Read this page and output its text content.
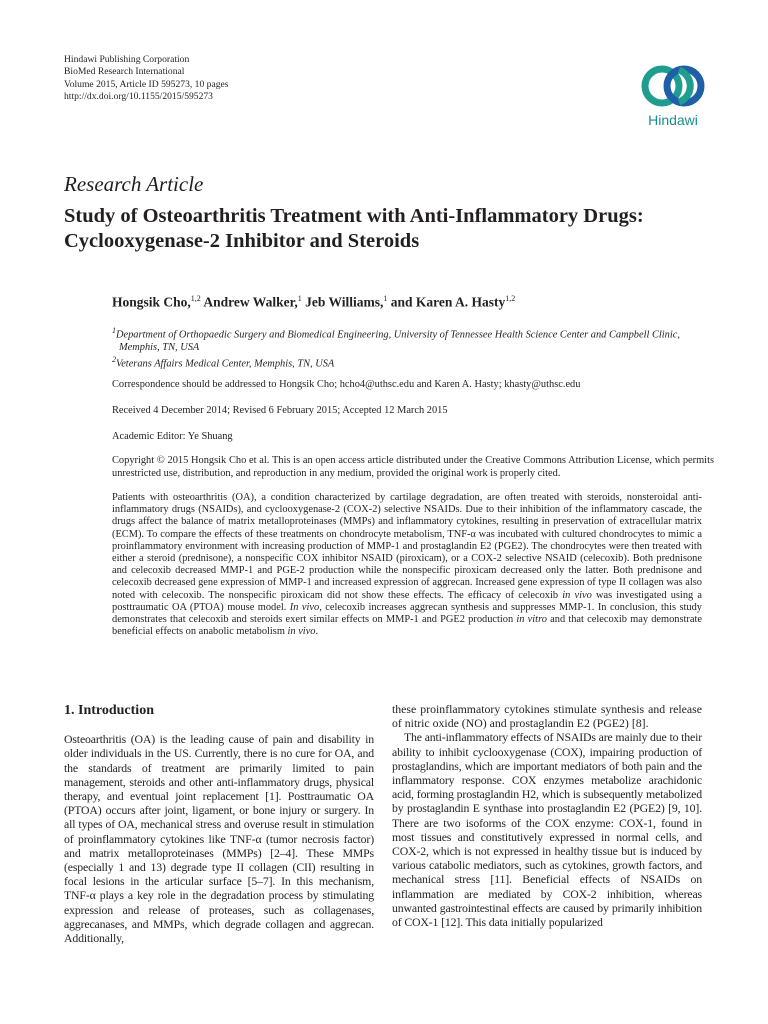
Hindawi Publishing Corporation
BioMed Research International
Volume 2015, Article ID 595273, 10 pages
http://dx.doi.org/10.1155/2015/595273
Hindawi
Research Article
Study of Osteoarthritis Treatment with Anti-Inflammatory Drugs: Cyclooxygenase-2 Inhibitor and Steroids
Hongsik Cho,$^{1,2}$ Andrew Walker,$^1$ Jeb Williams,$^1$ and Karen A. Hasty$^{1,2}$
$^1$Department of Orthopaedic Surgery and Biomedical Engineering, University of Tennessee Health Science Center and Campbell Clinic,
Memphis, TN, USA
$^2$Veterans Affairs Medical Center, Memphis, TN, USA
Correspondence should be addressed to Hongsik Cho; hcho4@uthsc.edu and Karen A. Hasty; khasty@uthsc.edu
Received 4 December 2014; Revised 6 February 2015; Accepted 12 March 2015
Academic Editor: Ye Shuang
Copyright © 2015 Hongsik Cho et al. This is an open access article distributed under the Creative Commons Attribution License, which permits unrestricted use, distribution, and reproduction in any medium, provided the original work is properly cited.
Patients with osteoarthritis (OA), a condition characterized by cartilage degradation, are often treated with steroids, nonsteroidal anti-inflammatory drugs (NSAIDs), and cyclooxygenase-2 (COX-2) selective NSAIDs. Due to their inhibition of the inflammatory cascade, the drugs affect the balance of matrix metalloproteinases (MMPs) and inflammatory cytokines, resulting in preservation of extracellular matrix (ECM). To compare the effects of these treatments on chondrocyte metabolism, TNF-α was incubated with cultured chondrocytes to mimic a proinflammatory environment with increasing production of MMP-1 and prostaglandin E2 (PGE2). The chondrocytes were then treated with either a steroid (prednisone), a nonspecific COX inhibitor NSAID (piroxicam), or a COX-2 selective NSAID (celecoxib). Both prednisone and celecoxib decreased MMP-1 and PGE-2 production while the nonspecific piroxicam decreased only the latter. Both prednisone and celecoxib decreased gene expression of MMP-1 and increased expression of aggrecan. Increased gene expression of type II collagen was also noted with celecoxib. The nonspecific piroxicam did not show these effects. The efficacy of celecoxib in vivo was investigated using a posttraumatic OA (PTOA) mouse model. In vivo, celecoxib increases aggrecan synthesis and suppresses MMP-1. In conclusion, this study demonstrates that celecoxib and steroids exert similar effects on MMP-1 and PGE2 production in vitro and that celecoxib may demonstrate beneficial effects on anabolic metabolism in vivo.
1. Introduction

Osteoarthritis (OA) is the leading cause of pain and disability in older individuals in the US. Currently, there is no cure for OA, and the standards of treatment are primarily limited to pain management, steroids and other anti-inflammatory drugs, physical therapy, and eventual joint replacement [1]. Posttraumatic OA (PTOA) occurs after joint, ligament, or bone injury or surgery. In all types of OA, mechanical stress and overuse result in stimulation of proinflammatory cytokines like TNF-α (tumor necrosis factor) and matrix metalloproteinases (MMPs) [2–4]. These MMPs (especially 1 and 13) degrade type II collagen (CII) resulting in focal lesions in the articular surface [5–7]. In this mechanism, TNF-α plays a key role in the degradation process by stimulating expression and release of proteases, such as collagenases, aggrecanases, and MMPs, which degrade collagen and aggrecan. Additionally,

these proinflammatory cytokines stimulate synthesis and release of nitric oxide (NO) and prostaglandin E2 (PGE2) [8].

The anti-inflammatory effects of NSAIDs are mainly due to their ability to inhibit cyclooxygenase (COX), impairing production of prostaglandins, which are important mediators of both pain and the inflammatory response. COX enzymes metabolize arachidonic acid, forming prostaglandin H2, which is subsequently metabolized by prostaglandin E synthase into prostaglandin E2 (PGE2) [9, 10]. There are two isoforms of the COX enzyme: COX-1, found in most tissues and constitutively expressed in normal cells, and COX-2, which is not expressed in healthy tissue but is induced by various catabolic mediators, such as cytokines, growth factors, and mechanical stress [11]. Beneficial effects of NSAIDs on inflammation are mediated by COX-2 inhibition, whereas unwanted gastrointestinal effects are caused by primarily inhibition of COX-1 [12]. This data initially popularized
